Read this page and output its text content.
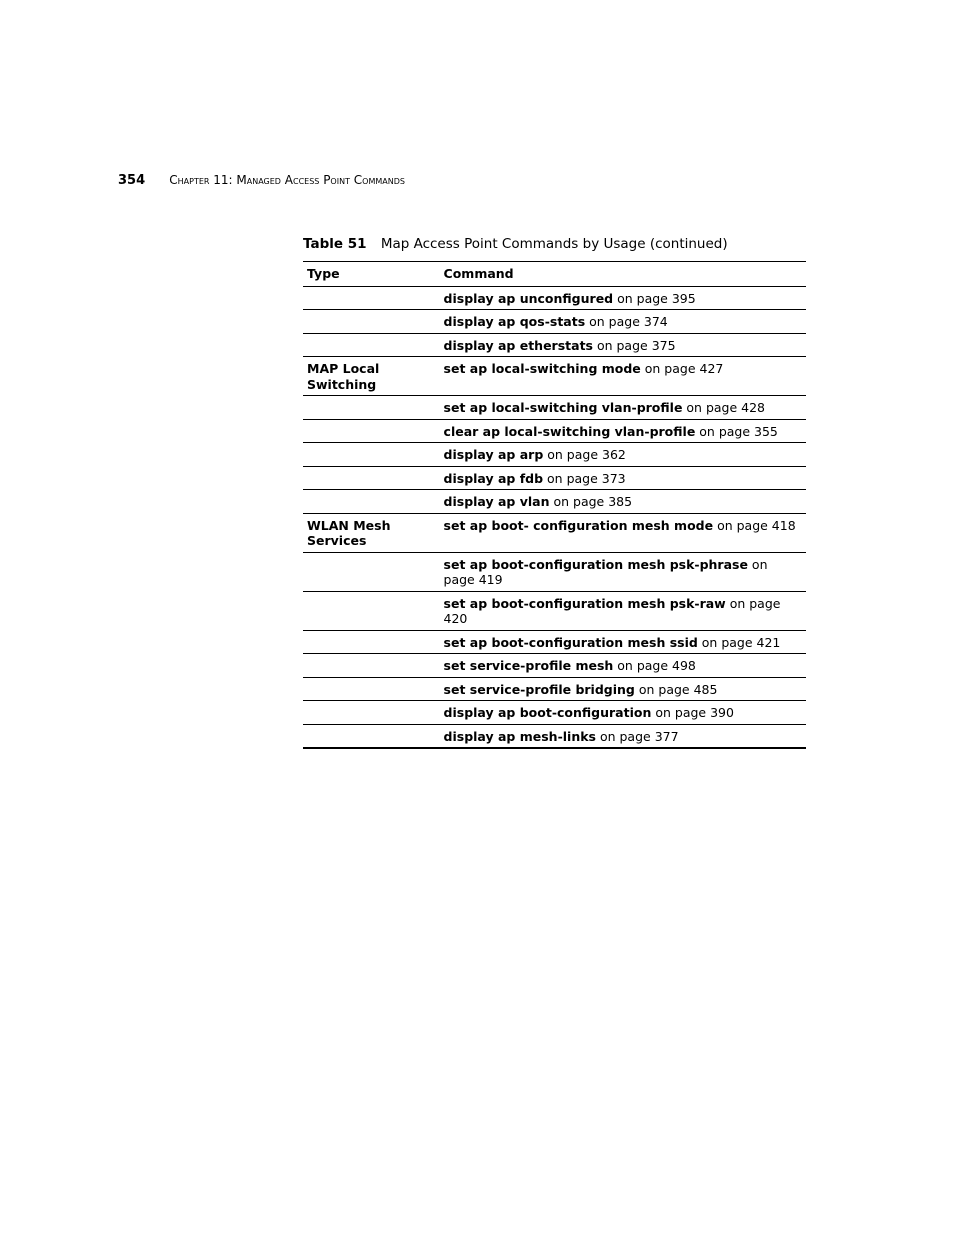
354 Chapter 11: Managed Access Point Commands
Table 51 Map Access Point Commands by Usage (continued)
Type	Command
	display ap unconfigured on page 395
	display ap qos-stats on page 374
	display ap etherstats on page 375
MAP Local Switching	set ap local-switching mode on page 427
	set ap local-switching vlan-profile on page 428
	clear ap local-switching vlan-profile on page 355
	display ap arp on page 362
	display ap fdb on page 373
	display ap vlan on page 385
WLAN Mesh Services	set ap boot- configuration mesh mode on page 418
	set ap boot-configuration mesh psk-phrase on page 419
	set ap boot-configuration mesh psk-raw on page 420
	set ap boot-configuration mesh ssid on page 421
	set service-profile mesh on page 498
	set service-profile bridging on page 485
	display ap boot-configuration on page 390
	display ap mesh-links on page 377
